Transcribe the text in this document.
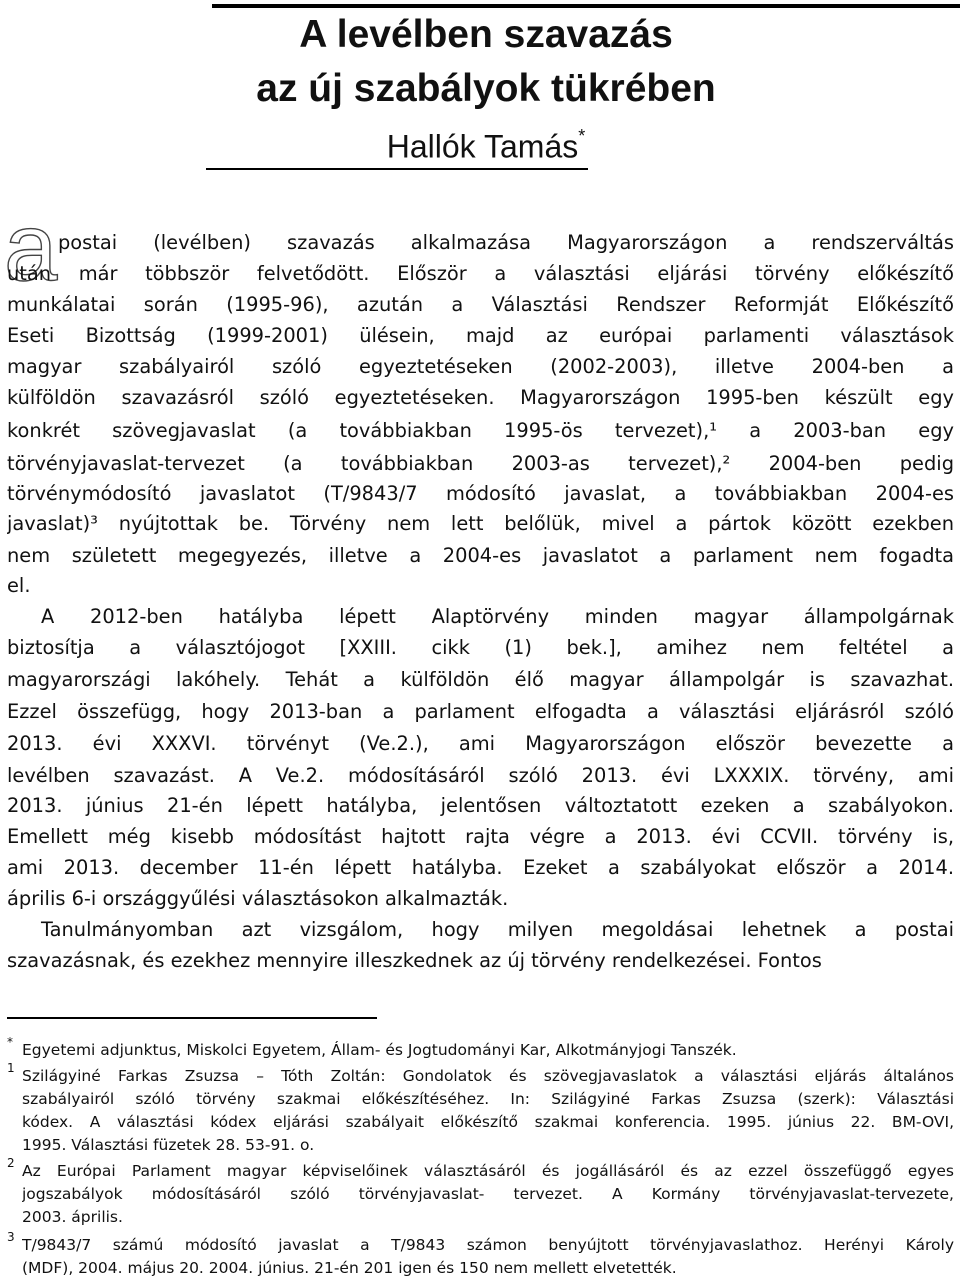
A levélben szavazás
az új szabályok tükrében
Hallók Tamás*
a postai (levélben) szavazás alkalmazása Magyarországon a rendszerváltás

után már többször felvetődött. Először a választási eljárási törvény előkészítő

munkálatai során (1995-96), azután a Választási Rendszer Reformját Előkészítő

Eseti Bizottság (1999-2001) ülésein, majd az európai parlamenti választások

magyar szabályairól szóló egyeztetéseken (2002-2003), illetve 2004-ben a

külföldön szavazásról szóló egyeztetéseken. Magyarországon 1995-ben készült egy

konkrét szövegjavaslat (a továbbiakban 1995-ös tervezet),¹ a 2003-ban egy

törvényjavaslat-tervezet (a továbbiakban 2003-as tervezet),² 2004-ben pedig

törvénymódosító javaslatot (T/9843/7 módosító javaslat, a továbbiakban 2004-es

javaslat)³ nyújtottak be. Törvény nem lett belőlük, mivel a pártok között ezekben

nem született megegyezés, illetve a 2004-es javaslatot a parlament nem fogadta

el.

A 2012-ben hatályba lépett Alaptörvény minden magyar állampolgárnak

biztosítja a választójogot [XXIII. cikk (1) bek.], amihez nem feltétel a

magyarországi lakóhely. Tehát a külföldön élő magyar állampolgár is szavazhat.

Ezzel összefügg, hogy 2013-ban a parlament elfogadta a választási eljárásról szóló

2013. évi XXXVI. törvényt (Ve.2.), ami Magyarországon először bevezette a

levélben szavazást. A Ve.2. módosításáról szóló 2013. évi LXXXIX. törvény, ami

2013. június 21-én lépett hatályba, jelentősen változtatott ezeken a szabályokon.

Emellett még kisebb módosítást hajtott rajta végre a 2013. évi CCVII. törvény is,

ami 2013. december 11-én lépett hatályba. Ezeket a szabályokat először a 2014.

április 6-i országgyűlési választásokon alkalmazták.

Tanulmányomban azt vizsgálom, hogy milyen megoldásai lehetnek a postai

szavazásnak, és ezekhez mennyire illeszkednek az új törvény rendelkezései. Fontos

* Egyetemi adjunktus, Miskolci Egyetem, Állam- és Jogtudományi Kar, Alkotmányjogi Tanszék.

1 Szilágyiné Farkas Zsuzsa – Tóth Zoltán: Gondolatok és szövegjavaslatok a választási eljárás általános

szabályairól szóló törvény szakmai előkészítéséhez. In: Szilágyiné Farkas Zsuzsa (szerk): Választási

kódex. A választási kódex eljárási szabályait előkészítő szakmai konferencia. 1995. június 22. BM-OVI,

1995. Választási füzetek 28. 53-91. o.

2 Az Európai Parlament magyar képviselőinek választásáról és jogállásáról és az ezzel összefüggő egyes

jogszabályok módosításáról szóló törvényjavaslat- tervezet. A Kormány törvényjavaslat-tervezete,

2003. április.

3 T/9843/7 számú módosító javaslat a T/9843 számon benyújtott törvényjavaslathoz. Herényi Károly

(MDF), 2004. május 20. 2004. június. 21-én 201 igen és 150 nem mellett elvetették.
